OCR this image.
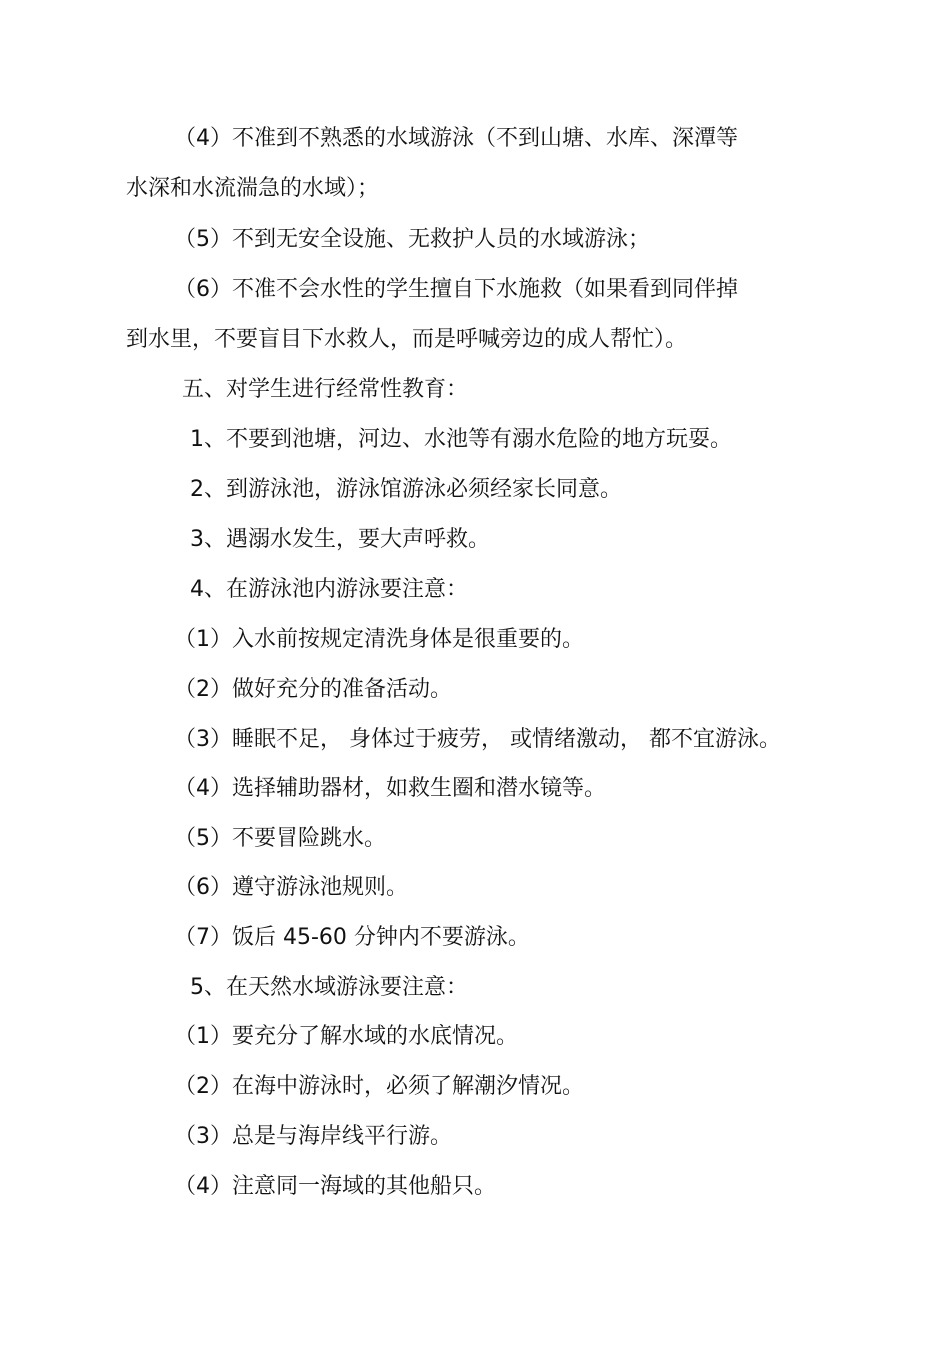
（4）不准到不熟悉的水域游泳（不到山塘、水库、深潭等
水深和水流湍急的水域）；
（5）不到无安全设施、无救护人员的水域游泳；
（6）不准不会水性的学生擅自下水施救（如果看到同伴掉
到水里，不要盲目下水救人，而是呼喊旁边的成人帮忙）。
五、对学生进行经常性教育：
1、不要到池塘，河边、水池等有溺水危险的地方玩耍。
2、到游泳池，游泳馆游泳必须经家长同意。
3、遇溺水发生，要大声呼救。
4、在游泳池内游泳要注意：
（1）入水前按规定清洗身体是很重要的。
（2）做好充分的准备活动。
（3）睡眠不足， 身体过于疲劳， 或情绪激动， 都不宜游泳。
（4）选择辅助器材，如救生圈和潜水镜等。
（5）不要冒险跳水。
（6）遵守游泳池规则。
（7）饭后 45-60 分钟内不要游泳。
5、在天然水域游泳要注意：
（1）要充分了解水域的水底情况。
（2）在海中游泳时，必须了解潮汐情况。
（3）总是与海岸线平行游。
（4）注意同一海域的其他船只。
